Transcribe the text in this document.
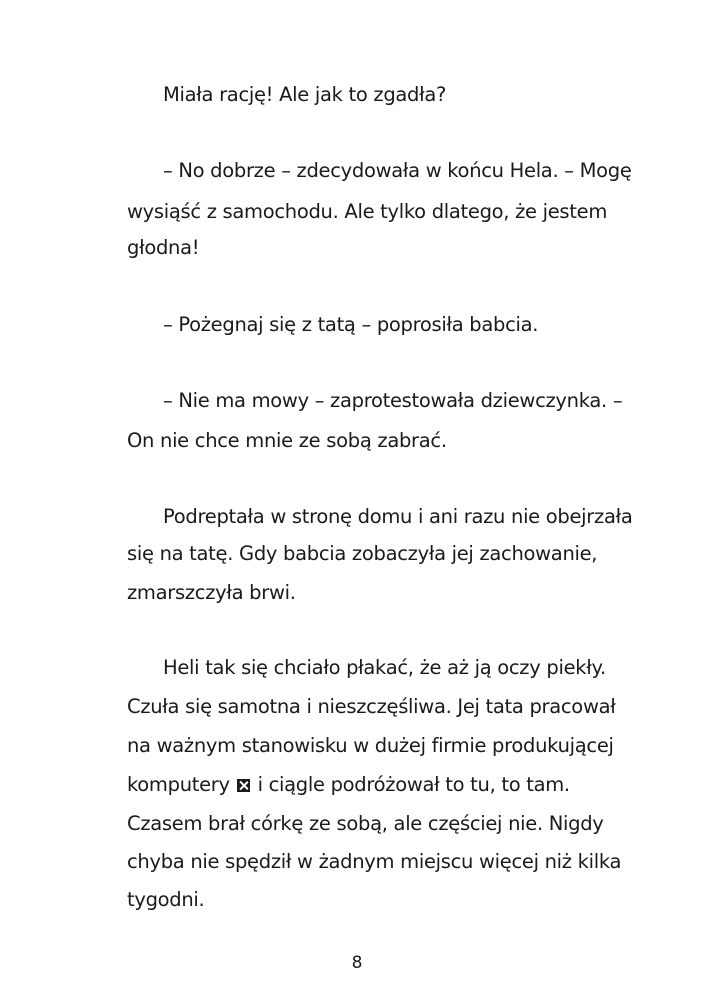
Miała rację! Ale jak to zgadła?
– No dobrze – zdecydowała w końcu Hela. – Mogę
wysiąść z samochodu. Ale tylko dlatego, że jestem
głodna!
– Pożegnaj się z tatą – poprosiła babcia.
– Nie ma mowy – zaprotestowała dziewczynka. –
On nie chce mnie ze sobą zabrać.
Podreptała w stronę domu i ani razu nie obejrzała
się na tatę. Gdy babcia zobaczyła jej zachowanie,
zmarszczyła brwi.
Heli tak się chciało płakać, że aż ją oczy piekły.
Czuła się samotna i nieszczęśliwa. Jej tata pracował
na ważnym stanowisku w dużej firmie produkującej
komputery i ciągle podróżował to tu, to tam.
Czasem brał córkę ze sobą, ale częściej nie. Nigdy
chyba nie spędził w żadnym miejscu więcej niż kilka
tygodni.
8
